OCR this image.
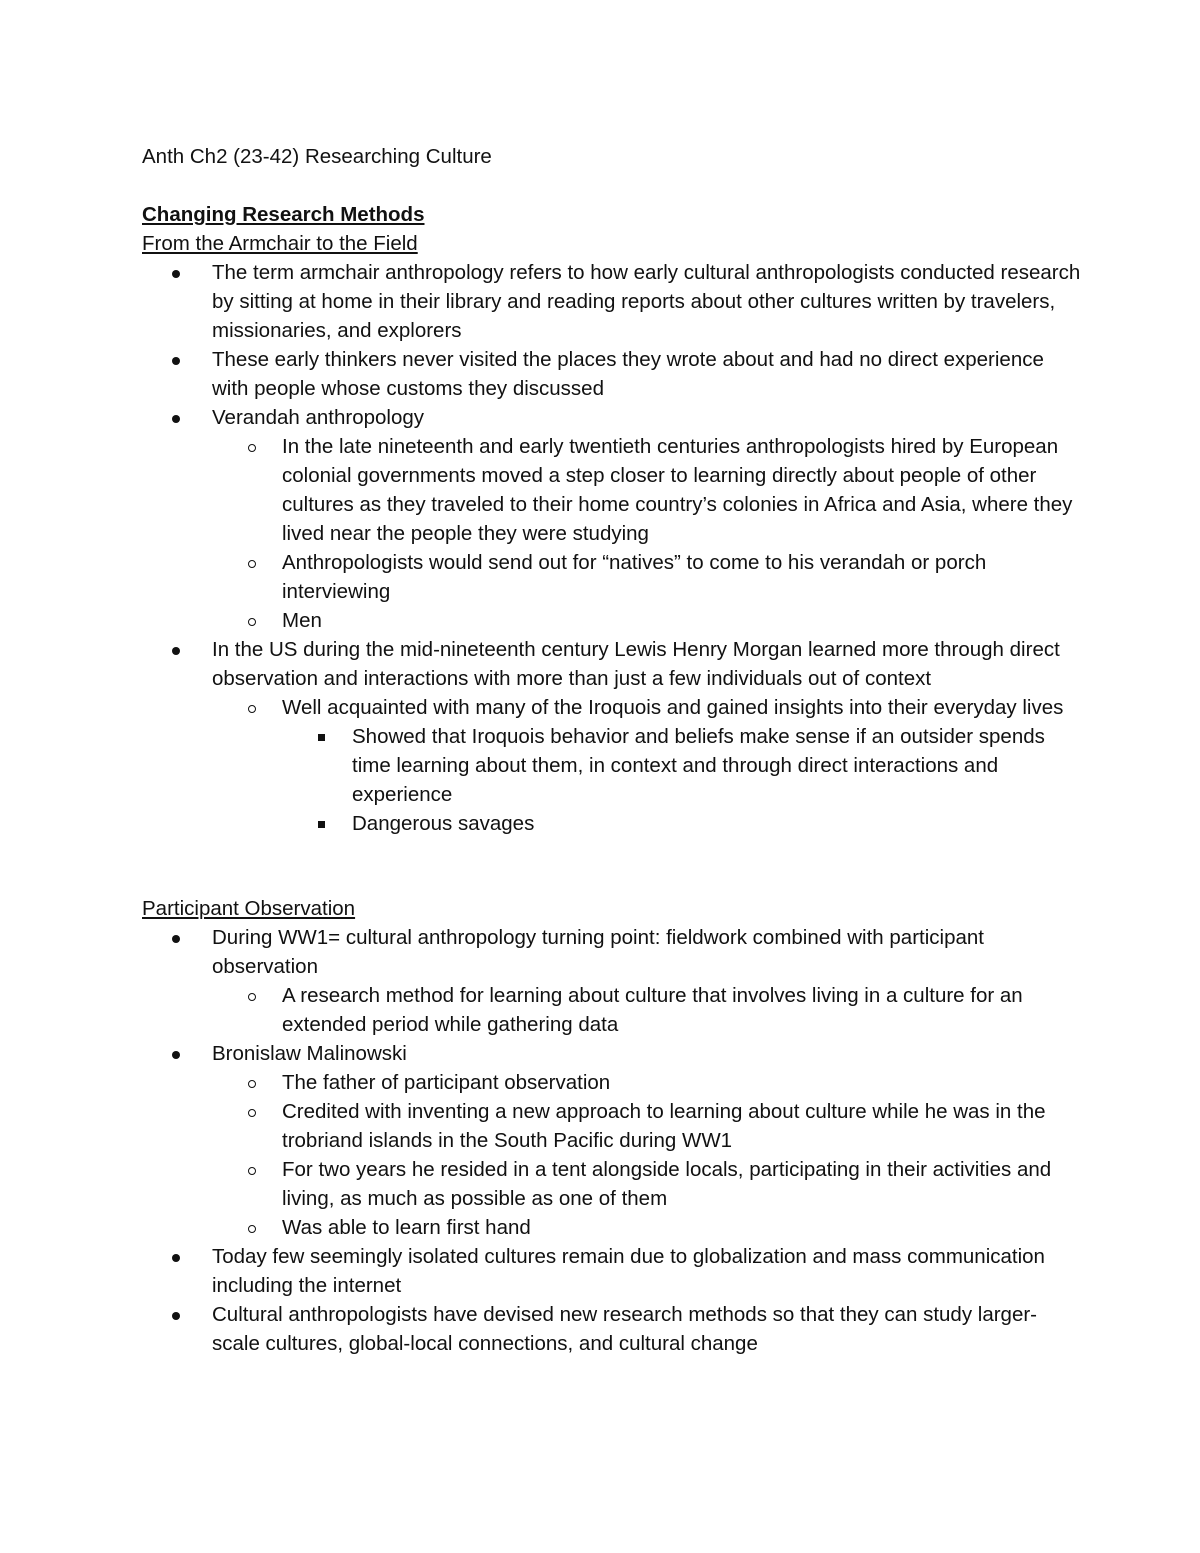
Anth Ch2 (23-42) Researching Culture

Changing Research Methods

From the Armchair to the Field

The term armchair anthropology refers to how early cultural anthropologists conducted research by sitting at home in their library and reading reports about other cultures written by travelers, missionaries, and explorers
These early thinkers never visited the places they wrote about and had no direct experience with people whose customs they discussed
Verandah anthropology
In the late nineteenth and early twentieth centuries anthropologists hired by European colonial governments moved a step closer to learning directly about people of other cultures as they traveled to their home country’s colonies in Africa and Asia, where they lived near the people they were studying
Anthropologists would send out for “natives” to come to his verandah or porch interviewing
Men
In the US during the mid-nineteenth century Lewis Henry Morgan learned more through direct observation and interactions with more than just a few individuals out of context
Well acquainted with many of the Iroquois and gained insights into their everyday lives
Showed that Iroquois behavior and beliefs make sense if an outsider spends time learning about them, in context and through direct interactions and experience
Dangerous savages

Participant Observation

During WW1= cultural anthropology turning point: fieldwork combined with participant observation
A research method for learning about culture that involves living in a culture for an extended period while gathering data
Bronislaw Malinowski
The father of participant observation
Credited with inventing a new approach to learning about culture while he was in the trobriand islands in the South Pacific during WW1
For two years he resided in a tent alongside locals, participating in their activities and living, as much as possible as one of them
Was able to learn first hand
Today few seemingly isolated cultures remain due to globalization and mass communication including the internet
Cultural anthropologists have devised new research methods so that they can study larger-scale cultures, global-local connections, and cultural change
